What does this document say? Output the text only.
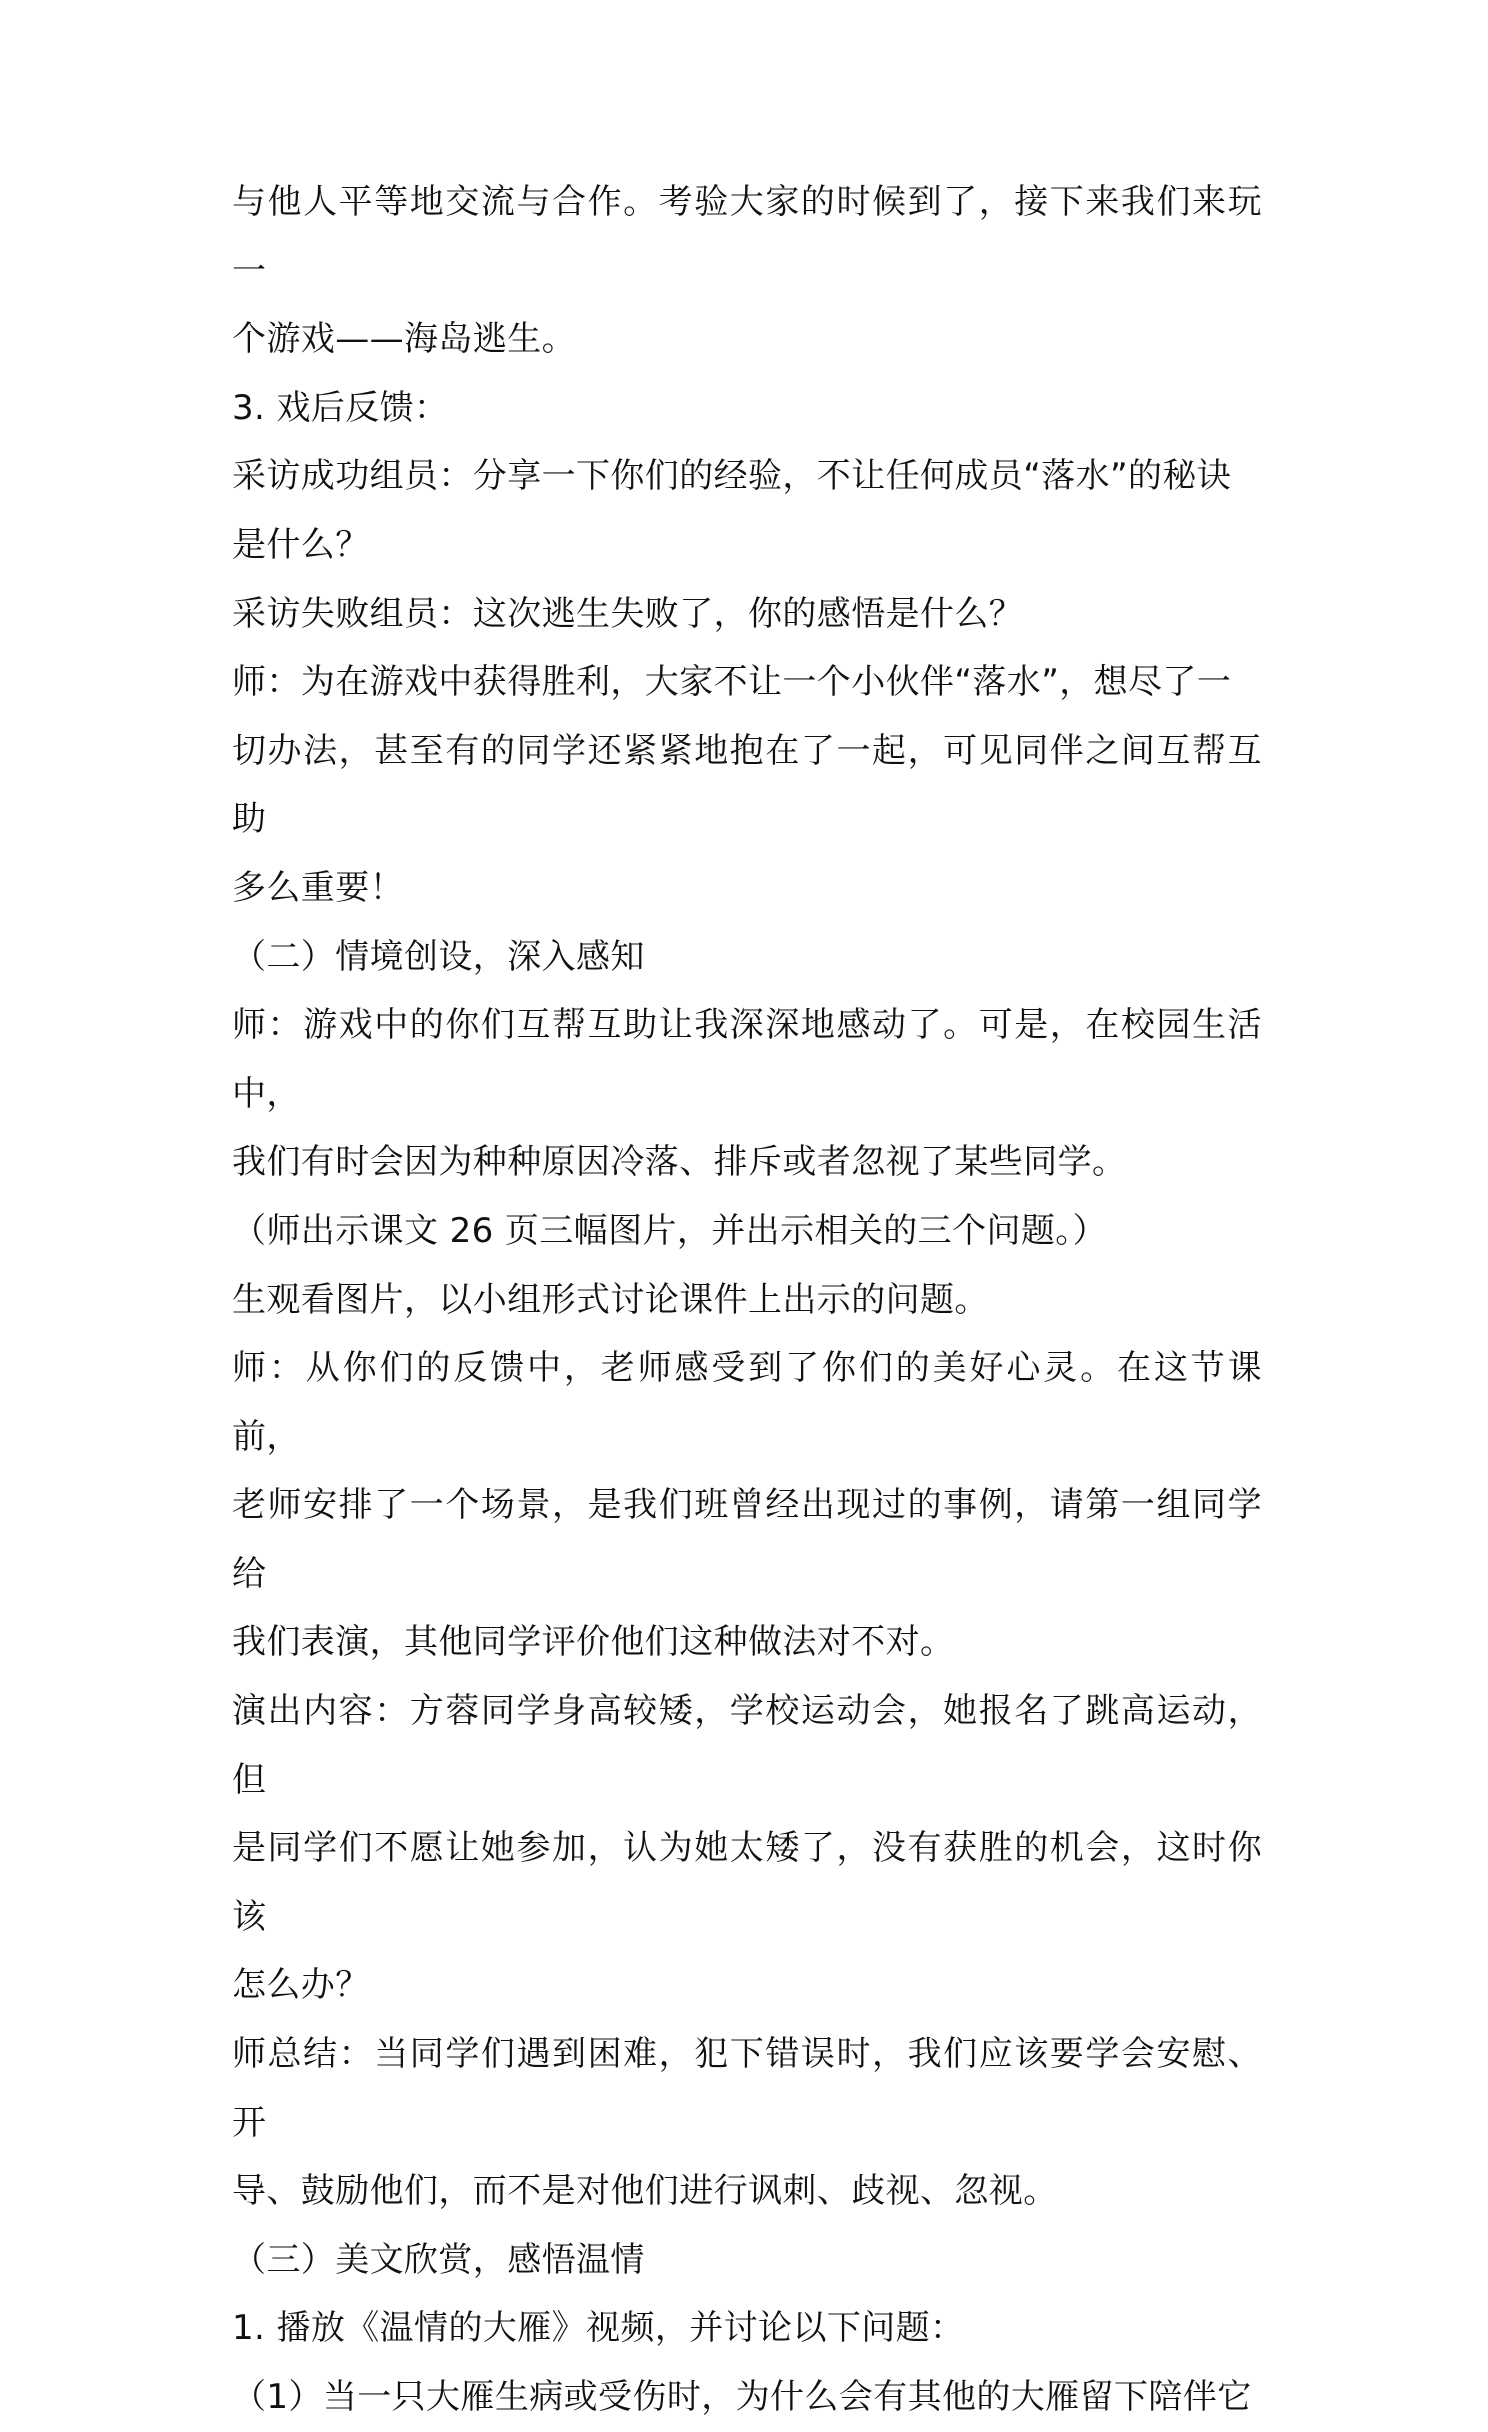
与他人平等地交流与合作。考验大家的时候到了，接下来我们来玩一
个游戏——海岛逃生。

3. 戏后反馈：

采访成功组员：分享一下你们的经验，不让任何成员“落水”的秘诀
是什么？

采访失败组员：这次逃生失败了，你的感悟是什么？

师：为在游戏中获得胜利，大家不让一个小伙伴“落水”，想尽了一
切办法，甚至有的同学还紧紧地抱在了一起，可见同伴之间互帮互助
多么重要！

（二）情境创设，深入感知

师：游戏中的你们互帮互助让我深深地感动了。可是，在校园生活中，
我们有时会因为种种原因冷落、排斥或者忽视了某些同学。

（师出示课文 26 页三幅图片，并出示相关的三个问题。）

生观看图片，以小组形式讨论课件上出示的问题。

师：从你们的反馈中，老师感受到了你们的美好心灵。在这节课前，
老师安排了一个场景，是我们班曾经出现过的事例，请第一组同学给
我们表演，其他同学评价他们这种做法对不对。

演出内容：方蓉同学身高较矮，学校运动会，她报名了跳高运动，但
是同学们不愿让她参加，认为她太矮了，没有获胜的机会，这时你该
怎么办？

师总结：当同学们遇到困难，犯下错误时，我们应该要学会安慰、开
导、鼓励他们，而不是对他们进行讽刺、歧视、忽视。

（三）美文欣赏，感悟温情

1. 播放《温情的大雁》视频，并讨论以下问题：

（1）当一只大雁生病或受伤时，为什么会有其他的大雁留下陪伴它
